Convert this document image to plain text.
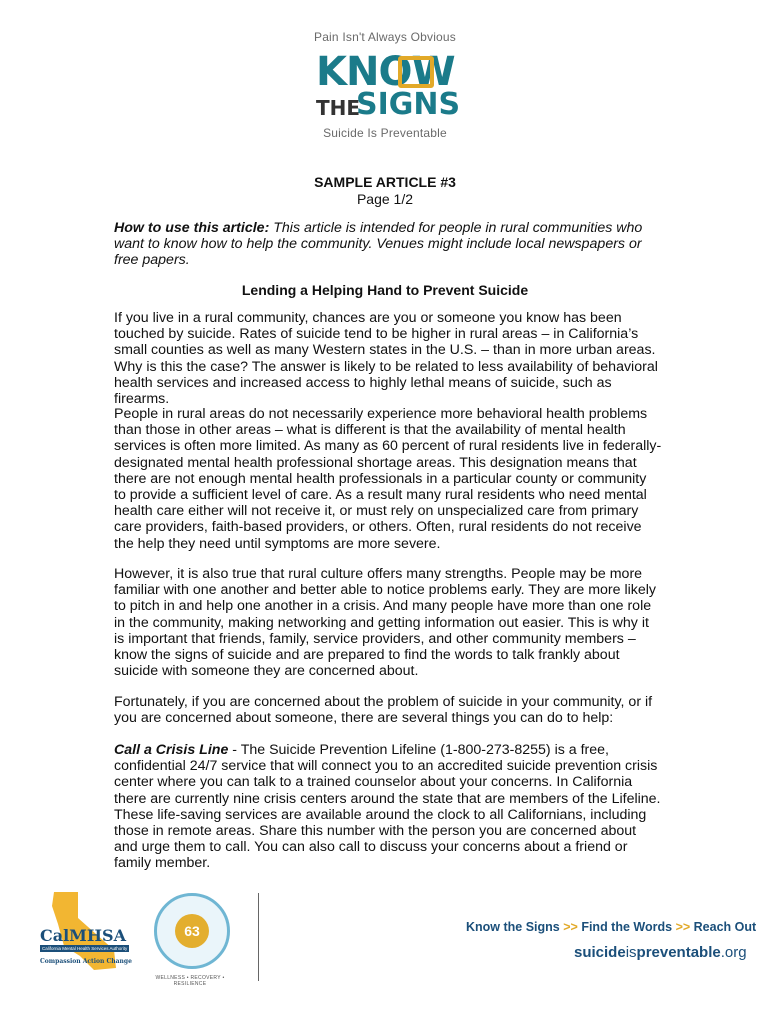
Pain Isn't Always Obvious
KNOW
THE
SIGNS
Suicide Is Preventable
SAMPLE ARTICLE #3
Page 1/2

How to use this article: This article is intended for people in rural communities who want to know how to help the community. Venues might include local newspapers or free papers.

Lending a Helping Hand to Prevent Suicide

If you live in a rural community, chances are you or someone you know has been touched by suicide. Rates of suicide tend to be higher in rural areas – in California’s small counties as well as many Western states in the U.S. – than in more urban areas. Why is this the case? The answer is likely to be related to less availability of behavioral health services and increased access to highly lethal means of suicide, such as firearms.

People in rural areas do not necessarily experience more behavioral health problems than those in other areas – what is different is that the availability of mental health services is often more limited. As many as 60 percent of rural residents live in federally-designated mental health professional shortage areas. This designation means that there are not enough mental health professionals in a particular county or community to provide a sufficient level of care. As a result many rural residents who need mental health care either will not receive it, or must rely on unspecialized care from primary care providers, faith-based providers, or others. Often, rural residents do not receive the help they need until symptoms are more severe.

However, it is also true that rural culture offers many strengths. People may be more familiar with one another and better able to notice problems early. They are more likely to pitch in and help one another in a crisis. And many people have more than one role in the community, making networking and getting information out easier. This is why it is important that friends, family, service providers, and other community members – know the signs of suicide and are prepared to find the words to talk frankly about suicide with someone they are concerned about.

Fortunately, if you are concerned about the problem of suicide in your community, or if you are concerned about someone, there are several things you can do to help:

Call a Crisis Line - The Suicide Prevention Lifeline (1-800-273-8255) is a free, confidential 24/7 service that will connect you to an accredited suicide prevention crisis center where you can talk to a trained counselor about your concerns. In California there are currently nine crisis centers around the state that are members of the Lifeline. These life-saving services are available around the clock to all Californians, including those in remote areas. Share this number with the person you are concerned about and urge them to call. You can also call to discuss your concerns about a friend or family member.

CalMHSA
California Mental Health Services Authority
Compassion Action Change
63
WELLNESS • RECOVERY • RESILIENCE
Know the Signs >> Find the Words >> Reach Out
suicideispreventable.org
